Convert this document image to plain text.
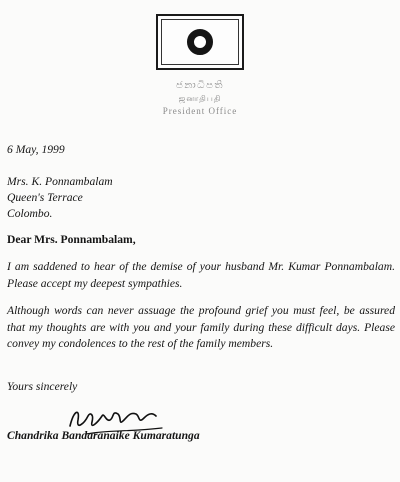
ජනාධිපති
ஜனாதிபதி
President Office
6 May, 1999
Mrs. K. Ponnambalam
Queen's Terrace
Colombo.
Dear Mrs. Ponnambalam,

I am saddened to hear of the demise of your husband Mr. Kumar Ponnambalam. Please accept my deepest sympathies.

Although words can never assuage the profound grief you must feel, be assured that my thoughts are with you and your family during these difficult days. Please convey my condolences to the rest of the family members.

Yours sincerely
Chandrika Bandaranaike Kumaratunga
